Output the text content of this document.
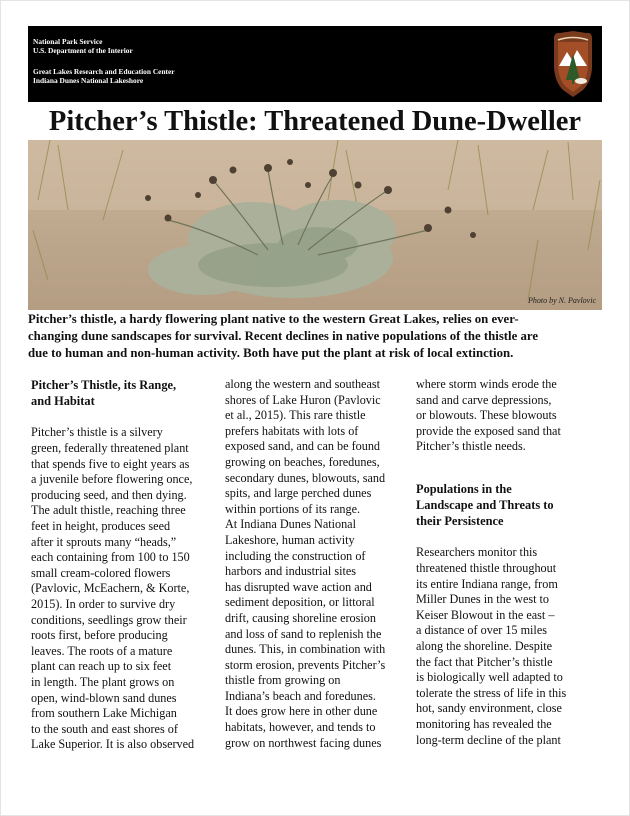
National Park Service
U.S. Department of the Interior
Great Lakes Research and Education Center
Indiana Dunes National Lakeshore
Pitcher’s Thistle: Threatened Dune-Dweller
Photo by N. Pavlovic
Pitcher’s thistle, a hardy flowering plant native to the western Great Lakes, relies on ever-
changing dune sandscapes for survival. Recent declines in native populations of the thistle are
due to human and non-human activity. Both have put the plant at risk of local extinction.
Pitcher’s Thistle, its Range,
and Habitat

Pitcher’s thistle is a silvery
green, federally threatened plant
that spends five to eight years as
a juvenile before flowering once,
producing seed, and then dying.
The adult thistle, reaching three
feet in height, produces seed
after it sprouts many “heads,”
each containing from 100 to 150
small cream-colored flowers
(Pavlovic, McEachern, & Korte,
2015). In order to survive dry
conditions, seedlings grow their
roots first, before producing
leaves. The roots of a mature
plant can reach up to six feet
in length. The plant grows on
open, wind-blown sand dunes
from southern Lake Michigan
to the south and east shores of
Lake Superior. It is also observed

along the western and southeast
shores of Lake Huron (Pavlovic
et al., 2015). This rare thistle
prefers habitats with lots of
exposed sand, and can be found
growing on beaches, foredunes,
secondary dunes, blowouts, sand
spits, and large perched dunes
within portions of its range.
At Indiana Dunes National
Lakeshore, human activity
including the construction of
harbors and industrial sites
has disrupted wave action and
sediment deposition, or littoral
drift, causing shoreline erosion
and loss of sand to replenish the
dunes. This, in combination with
storm erosion, prevents Pitcher’s
thistle from growing on
Indiana’s beach and foredunes.
It does grow here in other dune
habitats, however, and tends to
grow on northwest facing dunes

where storm winds erode the
sand and carve depressions,
or blowouts. These blowouts
provide the exposed sand that
Pitcher’s thistle needs.

Populations in the
Landscape and Threats to
their Persistence

Researchers monitor this
threatened thistle throughout
its entire Indiana range, from
Miller Dunes in the west to
Keiser Blowout in the east –
a distance of over 15 miles
along the shoreline. Despite
the fact that Pitcher’s thistle
is biologically well adapted to
tolerate the stress of life in this
hot, sandy environment, close
monitoring has revealed the
long-term decline of the plant
